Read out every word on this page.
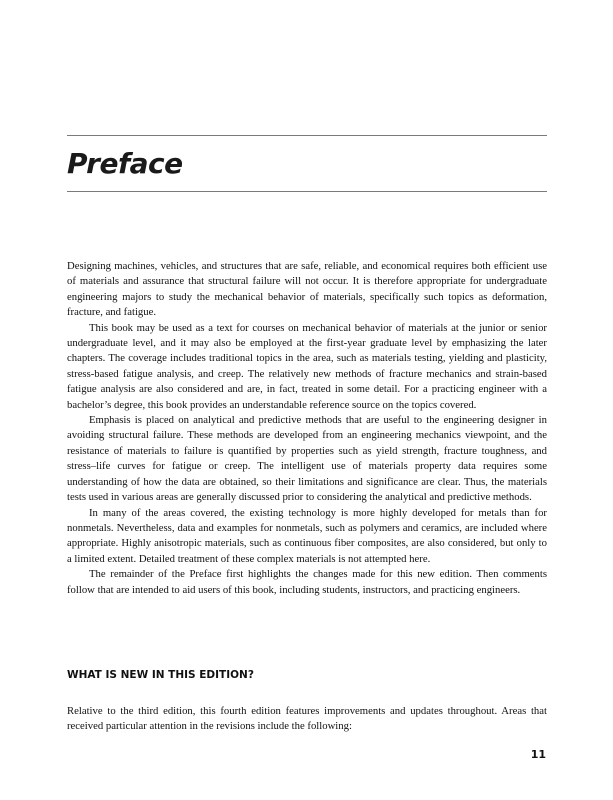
Preface

Designing machines, vehicles, and structures that are safe, reliable, and economical requires both efficient use of materials and assurance that structural failure will not occur. It is therefore appropriate for undergraduate engineering majors to study the mechanical behavior of materials, specifically such topics as deformation, fracture, and fatigue.

This book may be used as a text for courses on mechanical behavior of materials at the junior or senior undergraduate level, and it may also be employed at the first-year graduate level by emphasizing the later chapters. The coverage includes traditional topics in the area, such as materials testing, yielding and plasticity, stress-based fatigue analysis, and creep. The relatively new methods of fracture mechanics and strain-based fatigue analysis are also considered and are, in fact, treated in some detail. For a practicing engineer with a bachelor’s degree, this book provides an understandable reference source on the topics covered.

Emphasis is placed on analytical and predictive methods that are useful to the engineering designer in avoiding structural failure. These methods are developed from an engineering mechanics viewpoint, and the resistance of materials to failure is quantified by properties such as yield strength, fracture toughness, and stress–life curves for fatigue or creep. The intelligent use of materials property data requires some understanding of how the data are obtained, so their limitations and significance are clear. Thus, the materials tests used in various areas are generally discussed prior to considering the analytical and predictive methods.

In many of the areas covered, the existing technology is more highly developed for metals than for nonmetals. Nevertheless, data and examples for nonmetals, such as polymers and ceramics, are included where appropriate. Highly anisotropic materials, such as continuous fiber composites, are also considered, but only to a limited extent. Detailed treatment of these complex materials is not attempted here.

The remainder of the Preface first highlights the changes made for this new edition. Then comments follow that are intended to aid users of this book, including students, instructors, and practicing engineers.

WHAT IS NEW IN THIS EDITION?

Relative to the third edition, this fourth edition features improvements and updates throughout. Areas that received particular attention in the revisions include the following:

11
